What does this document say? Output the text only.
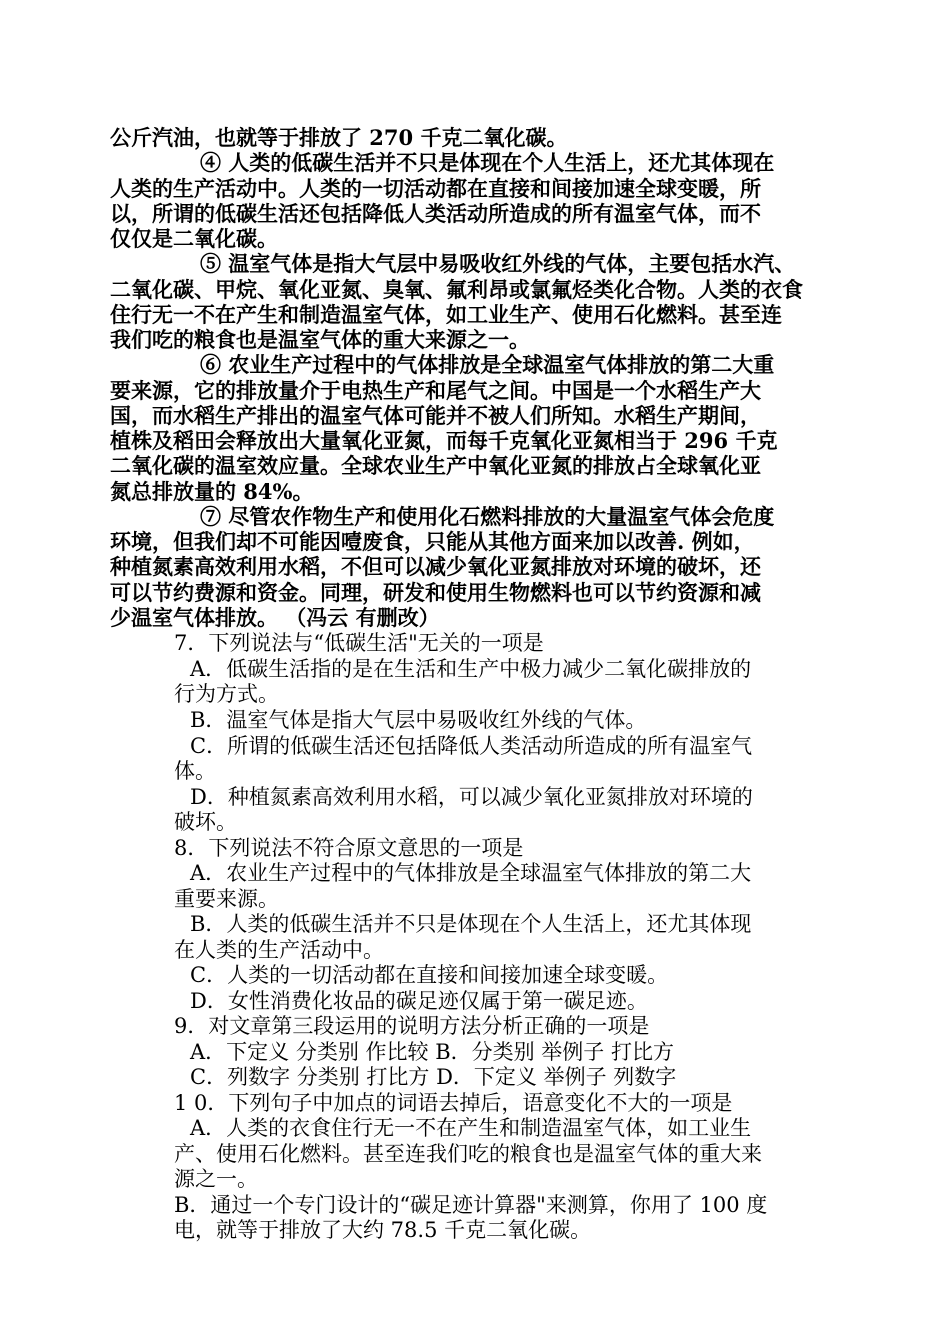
公斤汽油，也就等于排放了 270 千克二氧化碳。
④ 人类的低碳生活并不只是体现在个人生活上，还尤其体现在
人类的生产活动中。人类的一切活动都在直接和间接加速全球变暖，所
以，所谓的低碳生活还包括降低人类活动所造成的所有温室气体，而不
仅仅是二氧化碳。
⑤ 温室气体是指大气层中易吸收红外线的气体，主要包括水汽、
二氧化碳、甲烷、氧化亚氮、臭氧、氟利昂或氯氟烃类化合物。人类的衣食
住行无一不在产生和制造温室气体，如工业生产、使用石化燃料。甚至连
我们吃的粮食也是温室气体的重大来源之一。
⑥ 农业生产过程中的气体排放是全球温室气体排放的第二大重
要来源，它的排放量介于电热生产和尾气之间。中国是一个水稻生产大
国，而水稻生产排出的温室气体可能并不被人们所知。水稻生产期间，
植株及稻田会释放出大量氧化亚氮，而每千克氧化亚氮相当于 296 千克
二氧化碳的温室效应量。全球农业生产中氧化亚氮的排放占全球氧化亚
氮总排放量的 84%。
⑦ 尽管农作物生产和使用化石燃料排放的大量温室气体会危度
环境，但我们却不可能因噎废食，只能从其他方面来加以改善. 例如，
种植氮素高效利用水稻，不但可以减少氧化亚氮排放对环境的破坏，还
可以节约费源和资金。同理，研发和使用生物燃料也可以节约资源和减
少温室气体排放。 （冯云 有删改）
7．下列说法与“低碳生活"无关的一项是
A．低碳生活指的是在生活和生产中极力减少二氧化碳排放的
行为方式。
B．温室气体是指大气层中易吸收红外线的气体。
C．所谓的低碳生活还包括降低人类活动所造成的所有温室气
体。
D．种植氮素高效利用水稻，可以减少氧化亚氮排放对环境的
破坏。
8．下列说法不符合原文意思的一项是
A．农业生产过程中的气体排放是全球温室气体排放的第二大
重要来源。
B．人类的低碳生活并不只是体现在个人生活上，还尤其体现
在人类的生产活动中。
C．人类的一切活动都在直接和间接加速全球变暖。
D．女性消费化妆品的碳足迹仅属于第一碳足迹。
9．对文章第三段运用的说明方法分析正确的一项是
A．下定义 分类别 作比较 B．分类别 举例子 打比方
C．列数字 分类别 打比方 D．下定义 举例子 列数字
1 0．下列句子中加点的词语去掉后，语意变化不大的一项是
A．人类的衣食住行无一不在产生和制造温室气体，如工业生
产、使用石化燃料。甚至连我们吃的粮食也是温室气体的重大来
源之一。
B．通过一个专门设计的“碳足迹计算器"来测算，你用了 100 度
电，就等于排放了大约 78.5 千克二氧化碳。
